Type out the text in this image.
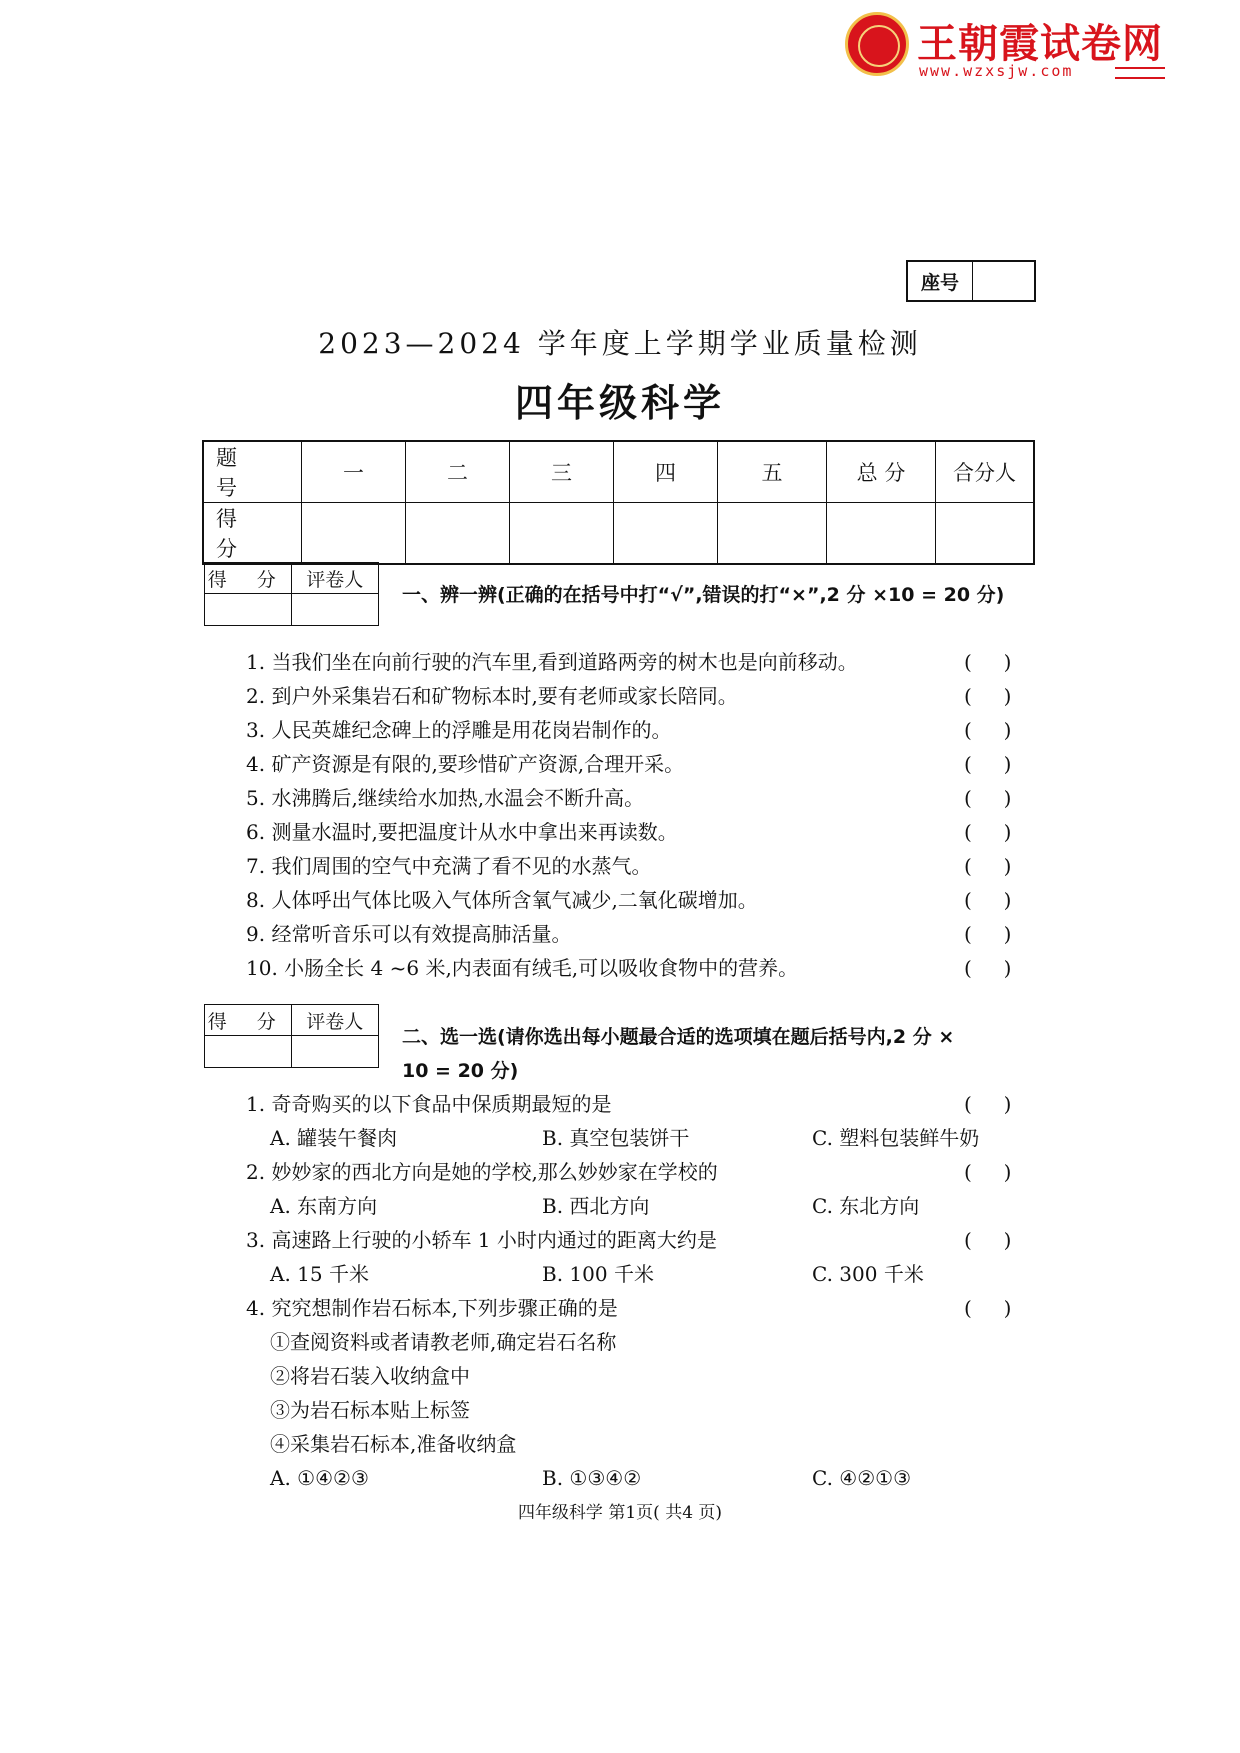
王朝霞试卷网
www.wzxsjw.com
座号
2023—2024 学年度上学期学业质量检测
四年级科学
题 号	一	二	三	四	五	总 分	合分人
得 分							
得 分 评卷人
一、辨一辨(正确的在括号中打“√”,错误的打“×”,2 分 ×10 = 20 分)
1. 当我们坐在向前行驶的汽车里,看到道路两旁的树木也是向前移动。	(     )
2. 到户外采集岩石和矿物标本时,要有老师或家长陪同。	(     )
3. 人民英雄纪念碑上的浮雕是用花岗岩制作的。	(     )
4. 矿产资源是有限的,要珍惜矿产资源,合理开采。	(     )
5. 水沸腾后,继续给水加热,水温会不断升高。	(     )
6. 测量水温时,要把温度计从水中拿出来再读数。	(     )
7. 我们周围的空气中充满了看不见的水蒸气。	(     )
8. 人体呼出气体比吸入气体所含氧气减少,二氧化碳增加。	(     )
9. 经常听音乐可以有效提高肺活量。	(     )
10. 小肠全长 4 ~6 米,内表面有绒毛,可以吸收食物中的营养。	(     )
得 分 评卷人
二、选一选(请你选出每小题最合适的选项填在题后括号内,2 分 ×
10 = 20 分)
1. 奇奇购买的以下食品中保质期最短的是	(     )
A. 罐装午餐肉	B. 真空包装饼干	C. 塑料包装鲜牛奶
2. 妙妙家的西北方向是她的学校,那么妙妙家在学校的	(     )
A. 东南方向	B. 西北方向	C. 东北方向
3. 高速路上行驶的小轿车 1 小时内通过的距离大约是	(     )
A. 15 千米	B. 100 千米	C. 300 千米
4. 究究想制作岩石标本,下列步骤正确的是	(     )
①查阅资料或者请教老师,确定岩石名称
②将岩石装入收纳盒中
③为岩石标本贴上标签
④采集岩石标本,准备收纳盒
A. ①④②③	B. ①③④②	C. ④②①③
四年级科学 第1页( 共4 页)
